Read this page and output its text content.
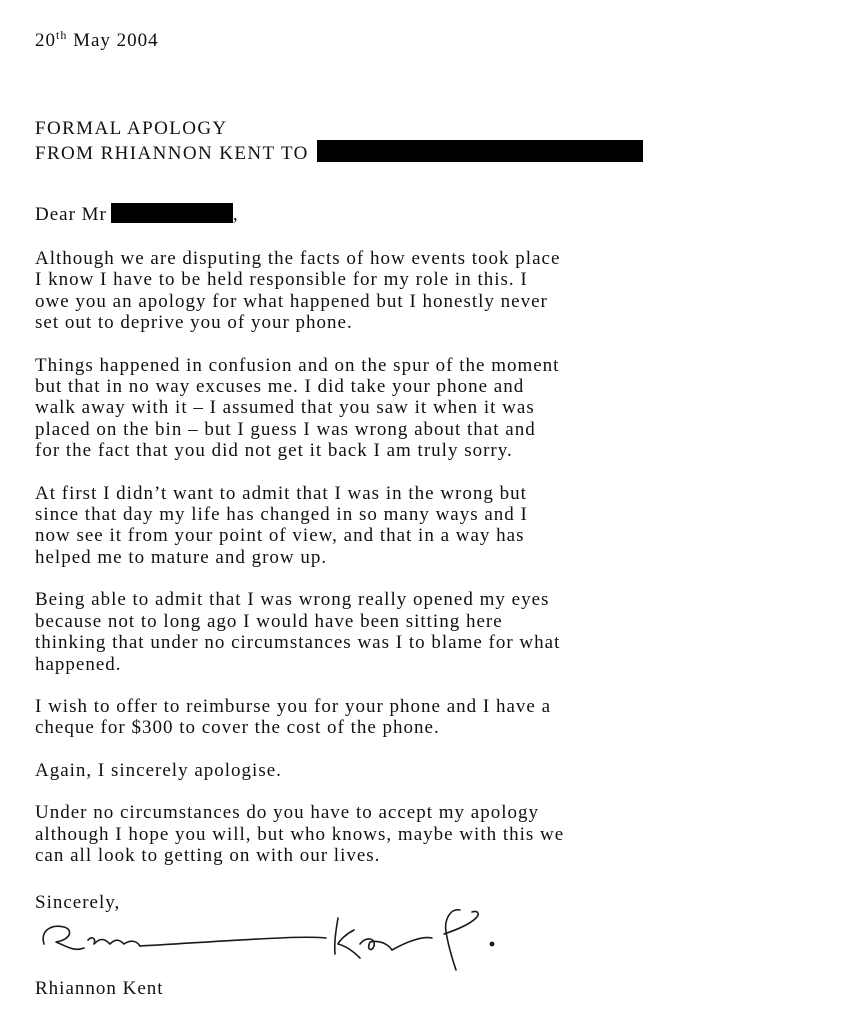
20th May 2004
FORMAL APOLOGY
FROM RHIANNON KENT TO
Dear Mr	,

Although we are disputing the facts of how events took place
I know I have to be held responsible for my role in this. I
owe you an apology for what happened but I honestly never
set out to deprive you of your phone.

Things happened in confusion and on the spur of the moment
but that in no way excuses me. I did take your phone and
walk away with it – I assumed that you saw it when it was
placed on the bin – but I guess I was wrong about that and
for the fact that you did not get it back I am truly sorry.

At first I didn’t want to admit that I was in the wrong but
since that day my life has changed in so many ways and I
now see it from your point of view, and that in a way has
helped me to mature and grow up.

Being able to admit that I was wrong really opened my eyes
because not to long ago I would have been sitting here
thinking that under no circumstances was I to blame for what
happened.

I wish to offer to reimburse you for your phone and I have a
cheque for $300 to cover the cost of the phone.

Again, I sincerely apologise.

Under no circumstances do you have to accept my apology
although I hope you will, but who knows, maybe with this we
can all look to getting on with our lives.

Sincerely,
Rhiannon Kent
